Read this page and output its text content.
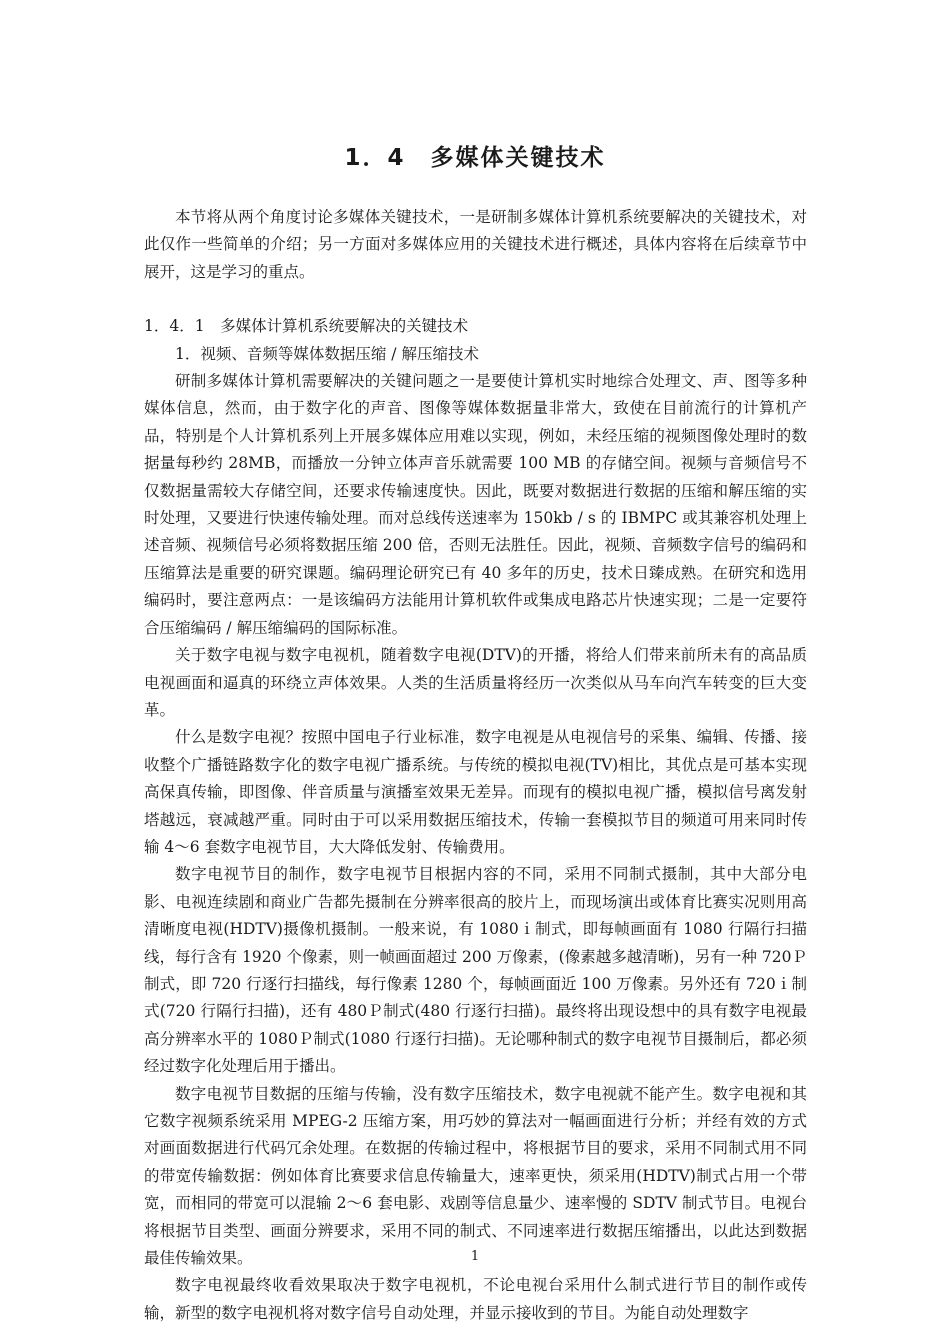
1．4　多媒体关键技术

本节将从两个角度讨论多媒体关键技术，一是研制多媒体计算机系统要解决的关键技术，对此仅作一些简单的介绍；另一方面对多媒体应用的关键技术进行概述，具体内容将在后续章节中展开，这是学习的重点。

1．4．1　多媒体计算机系统要解决的关键技术

1．视频、音频等媒体数据压缩 / 解压缩技术

研制多媒体计算机需要解决的关键问题之一是要使计算机实时地综合处理文、声、图等多种媒体信息，然而，由于数字化的声音、图像等媒体数据量非常大，致使在目前流行的计算机产品，特别是个人计算机系列上开展多媒体应用难以实现，例如，未经压缩的视频图像处理时的数据量每秒约 28MB，而播放一分钟立体声音乐就需要 100 MB 的存储空间。视频与音频信号不仅数据量需较大存储空间，还要求传输速度快。因此，既要对数据进行数据的压缩和解压缩的实时处理，又要进行快速传输处理。而对总线传送速率为 150kb / s 的 IBMPC 或其兼容机处理上述音频、视频信号必须将数据压缩 200 倍，否则无法胜任。因此，视频、音频数字信号的编码和压缩算法是重要的研究课题。编码理论研究已有 40 多年的历史，技术日臻成熟。在研究和选用编码时，要注意两点：一是该编码方法能用计算机软件或集成电路芯片快速实现；二是一定要符合压缩编码 / 解压缩编码的国际标准。

关于数字电视与数字电视机，随着数字电视(DTV)的开播，将给人们带来前所未有的高品质电视画面和逼真的环绕立声体效果。人类的生活质量将经历一次类似从马车向汽车转变的巨大变革。

什么是数字电视？按照中国电子行业标准，数字电视是从电视信号的采集、编辑、传播、接收整个广播链路数字化的数字电视广播系统。与传统的模拟电视(TV)相比，其优点是可基本实现高保真传输，即图像、伴音质量与演播室效果无差异。而现有的模拟电视广播，模拟信号离发射塔越远，衰减越严重。同时由于可以采用数据压缩技术，传输一套模拟节目的频道可用来同时传输 4～6 套数字电视节目，大大降低发射、传输费用。

数字电视节目的制作，数字电视节目根据内容的不同，采用不同制式摄制，其中大部分电影、电视连续剧和商业广告都先摄制在分辨率很高的胶片上，而现场演出或体育比赛实况则用高清晰度电视(HDTV)摄像机摄制。一般来说，有 1080ｉ制式，即每帧画面有 1080 行隔行扫描线，每行含有 1920 个像素，则一帧画面超过 200 万像素，(像素越多越清晰)，另有一种 720Ｐ制式，即 720 行逐行扫描线，每行像素 1280 个，每帧画面近 100 万像素。另外还有 720ｉ制式(720 行隔行扫描)，还有 480Ｐ制式(480 行逐行扫描)。最终将出现设想中的具有数字电视最高分辨率水平的 1080Ｐ制式(1080 行逐行扫描)。无论哪种制式的数字电视节目摄制后，都必须经过数字化处理后用于播出。

数字电视节目数据的压缩与传输，没有数字压缩技术，数字电视就不能产生。数字电视和其它数字视频系统采用 MPEG-2 压缩方案，用巧妙的算法对一幅画面进行分析；并经有效的方式对画面数据进行代码冗余处理。在数据的传输过程中，将根据节目的要求，采用不同制式用不同的带宽传输数据：例如体育比赛要求信息传输量大，速率更快，须采用(HDTV)制式占用一个带宽，而相同的带宽可以混输 2～6 套电影、戏剧等信息量少、速率慢的 SDTV 制式节目。电视台将根据节目类型、画面分辨要求，采用不同的制式、不同速率进行数据压缩播出，以此达到数据最佳传输效果。

数字电视最终收看效果取决于数字电视机，不论电视台采用什么制式进行节目的制作或传输，新型的数字电视机将对数字信号自动处理，并显示接收到的节目。为能自动处理数字

1
